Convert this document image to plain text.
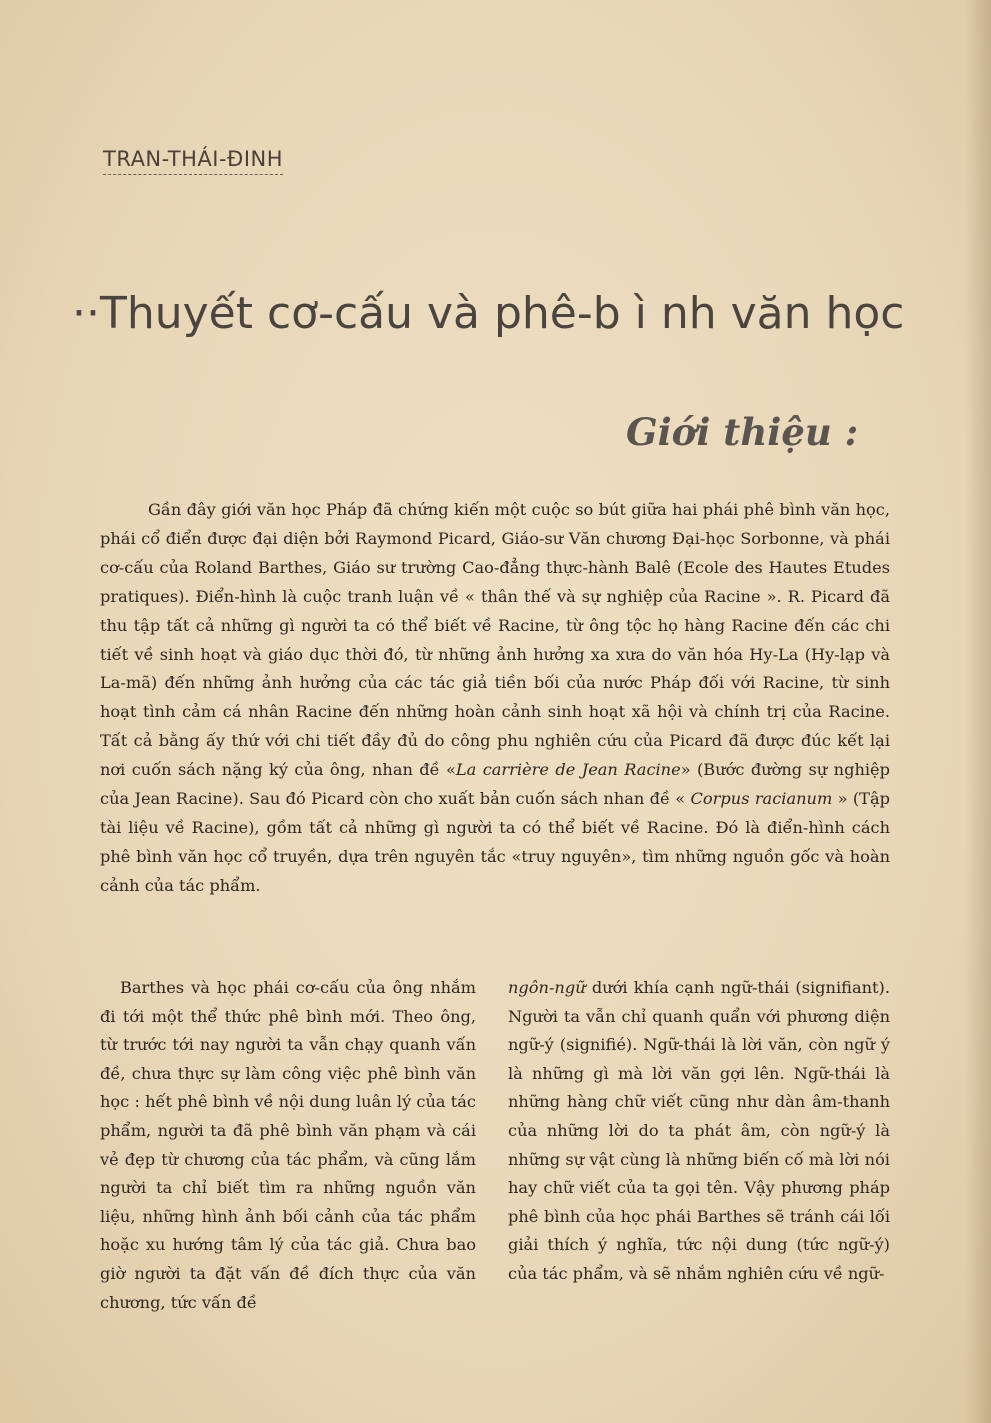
TRAN-THÁI-ĐINH
··Thuyết cơ-cấu và phê-b ì nh văn học
Giới thiệu :

Gần đây giới văn học Pháp đã chứng kiến một cuộc so bút giữa hai phái phê bình văn học, phái cổ điển được đại diện bởi Raymond Picard, Giáo-sư Văn chương Đại-học Sorbonne, và phái cơ-cấu của Roland Barthes, Giáo sư trường Cao-đẳng thực-hành Balê (Ecole des Hautes Etudes pratiques). Điển-hình là cuộc tranh luận về « thân thế và sự nghiệp của Racine ». R. Picard đã thu tập tất cả những gì người ta có thể biết về Racine, từ ông tộc họ hàng Racine đến các chi tiết về sinh hoạt và giáo dục thời đó, từ những ảnh hưởng xa xưa do văn hóa Hy-La (Hy-lạp và La-mã) đến những ảnh hưởng của các tác giả tiền bối của nước Pháp đối với Racine, từ sinh hoạt tình cảm cá nhân Racine đến những hoàn cảnh sinh hoạt xã hội và chính trị của Racine. Tất cả bằng ấy thứ với chi tiết đầy đủ do công phu nghiên cứu của Picard đã được đúc kết lại nơi cuốn sách nặng ký của ông, nhan đề «La carrière de Jean Racine» (Bước đường sự nghiệp của Jean Racine). Sau đó Picard còn cho xuất bản cuốn sách nhan đề « Corpus racianum » (Tập tài liệu về Racine), gồm tất cả những gì người ta có thể biết về Racine. Đó là điển-hình cách phê bình văn học cổ truyền, dựa trên nguyên tắc «truy nguyên», tìm những nguồn gốc và hoàn cảnh của tác phẩm.

Barthes và học phái cơ-cấu của ông nhắm đi tới một thể thức phê bình mới. Theo ông, từ trước tới nay người ta vẫn chạy quanh vấn đề, chưa thực sự làm công việc phê bình văn học : hết phê bình về nội dung luân lý của tác phẩm, người ta đã phê bình văn phạm và cái vẻ đẹp từ chương của tác phẩm, và cũng lắm người ta chỉ biết tìm ra những nguồn văn liệu, những hình ảnh bối cảnh của tác phẩm hoặc xu hướng tâm lý của tác giả. Chưa bao giờ người ta đặt vấn đề đích thực của văn chương, tức vấn đề

ngôn-ngữ dưới khía cạnh ngữ-thái (signifiant). Người ta vẫn chỉ quanh quẩn với phương diện ngữ-ý (signifié). Ngữ-thái là lời văn, còn ngữ ý là những gì mà lời văn gợi lên. Ngữ-thái là những hàng chữ viết cũng như dàn âm-thanh của những lời do ta phát âm, còn ngữ-ý là những sự vật cùng là những biến cố mà lời nói hay chữ viết của ta gọi tên. Vậy phương pháp phê bình của học phái Barthes sẽ tránh cái lối giải thích ý nghĩa, tức nội dung (tức ngữ-ý) của tác phẩm, và sẽ nhắm nghiên cứu về ngữ-
